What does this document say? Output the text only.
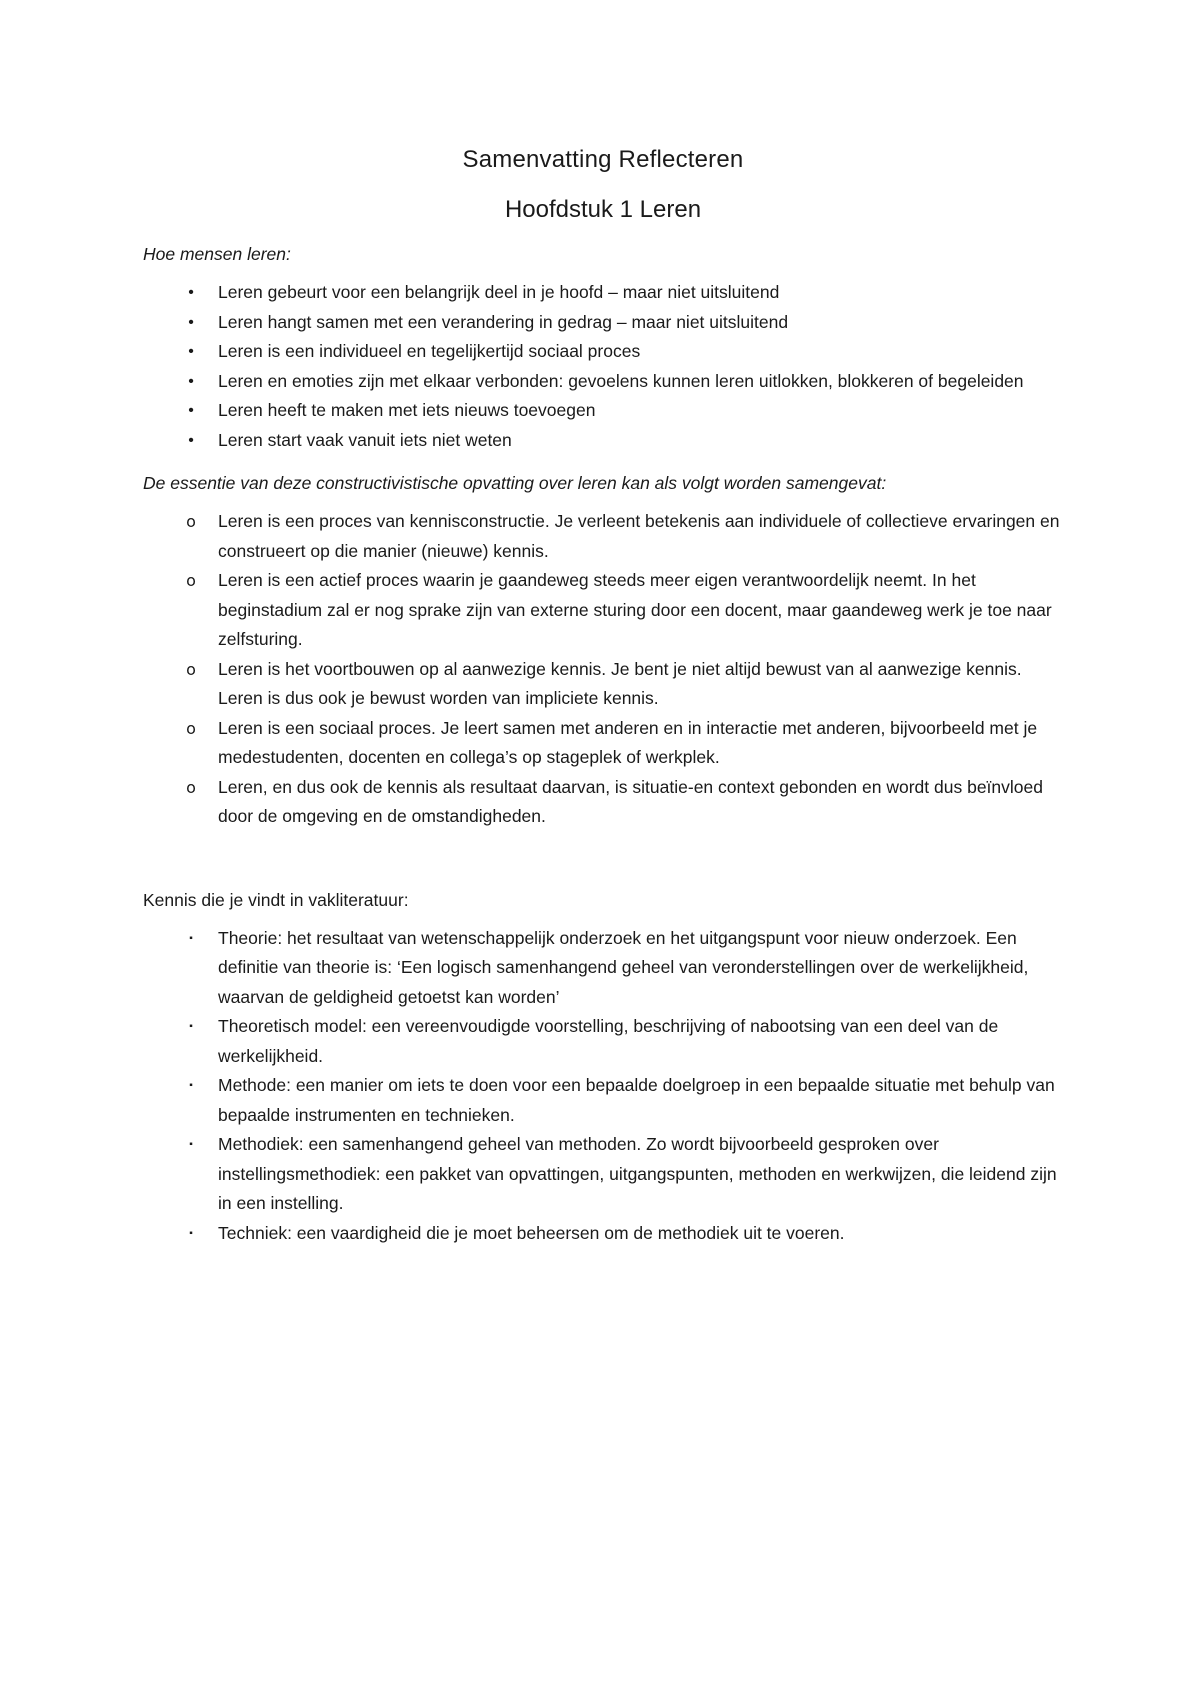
Samenvatting Reflecteren
Hoofdstuk 1 Leren
Hoe mensen leren:
•	Leren gebeurt voor een belangrijk deel in je hoofd – maar niet uitsluitend
•	Leren hangt samen met een verandering in gedrag – maar niet uitsluitend
•	Leren is een individueel en tegelijkertijd sociaal proces
•	Leren en emoties zijn met elkaar verbonden: gevoelens kunnen leren uitlokken, blokkeren of begeleiden
•	Leren heeft te maken met iets nieuws toevoegen
•	Leren start vaak vanuit iets niet weten
De essentie van deze constructivistische opvatting over leren kan als volgt worden samengevat:
o Leren is een proces van kennisconstructie. Je verleent betekenis aan individuele of collectieve ervaringen en construeert op die manier (nieuwe) kennis.
o Leren is een actief proces waarin je gaandeweg steeds meer eigen verantwoordelijk neemt. In het beginstadium zal er nog sprake zijn van externe sturing door een docent, maar gaandeweg werk je toe naar zelfsturing.
o Leren is het voortbouwen op al aanwezige kennis. Je bent je niet altijd bewust van al aanwezige kennis. Leren is dus ook je bewust worden van impliciete kennis.
o Leren is een sociaal proces. Je leert samen met anderen en in interactie met anderen, bijvoorbeeld met je medestudenten, docenten en collega’s op stageplek of werkplek.
o Leren, en dus ook de kennis als resultaat daarvan, is situatie-en context gebonden en wordt dus beïnvloed door de omgeving en de omstandigheden.
Kennis die je vindt in vakliteratuur:
▪	Theorie: het resultaat van wetenschappelijk onderzoek en het uitgangspunt voor nieuw onderzoek. Een definitie van theorie is: ‘Een logisch samenhangend geheel van veronderstellingen over de werkelijkheid, waarvan de geldigheid getoetst kan worden’
▪	Theoretisch model: een vereenvoudigde voorstelling, beschrijving of nabootsing van een deel van de werkelijkheid.
▪	Methode: een manier om iets te doen voor een bepaalde doelgroep in een bepaalde situatie met behulp van bepaalde instrumenten en technieken.
▪	Methodiek: een samenhangend geheel van methoden. Zo wordt bijvoorbeeld gesproken over instellingsmethodiek: een pakket van opvattingen, uitgangspunten, methoden en werkwijzen, die leidend zijn in een instelling.
▪	Techniek: een vaardigheid die je moet beheersen om de methodiek uit te voeren.
